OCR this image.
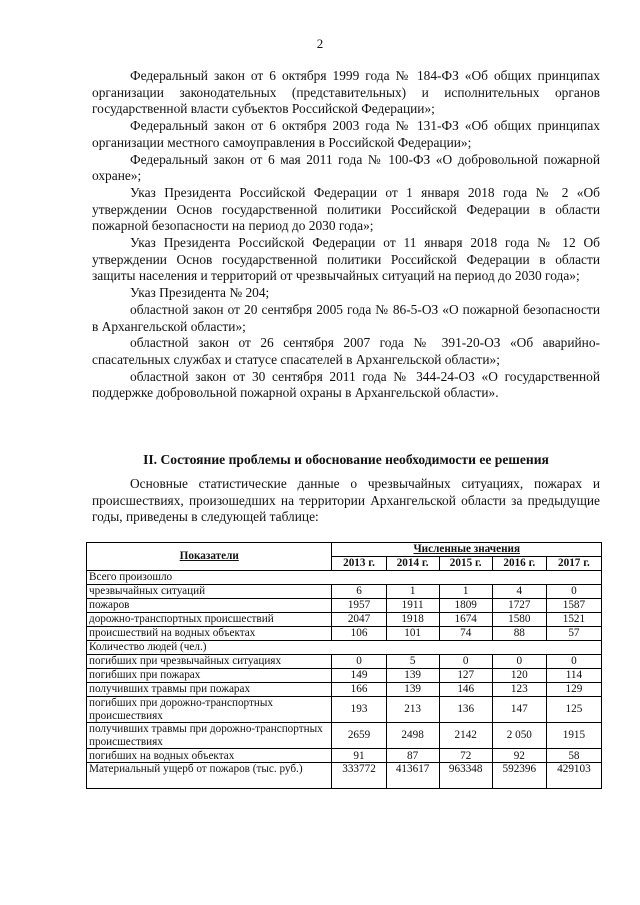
2

Федеральный закон от 6 октября 1999 года № 184-ФЗ «Об общих принципах организации законодательных (представительных) и исполнительных органов государственной власти субъектов Российской Федерации»;

Федеральный закон от 6 октября 2003 года № 131-ФЗ «Об общих принципах организации местного самоуправления в Российской Федерации»;

Федеральный закон от 6 мая 2011 года № 100-ФЗ «О добровольной пожарной охране»;

Указ Президента Российской Федерации от 1 января 2018 года № 2 «Об утверждении Основ государственной политики Российской Федерации в области пожарной безопасности на период до 2030 года»;

Указ Президента Российской Федерации от 11 января 2018 года № 12 Об утверждении Основ государственной политики Российской Федерации в области защиты населения и территорий от чрезвычайных ситуаций на период до 2030 года»;

Указ Президента № 204;

областной закон от 20 сентября 2005 года № 86-5-ОЗ «О пожарной безопасности в Архангельской области»;

областной закон от 26 сентября 2007 года № 391-20-ОЗ «Об аварийно-спасательных службах и статусе спасателей в Архангельской области»;

областной закон от 30 сентября 2011 года № 344-24-ОЗ «О государственной поддержке добровольной пожарной охраны в Архангельской области».

II. Состояние проблемы и обоснование необходимости ее решения

Основные статистические данные о чрезвычайных ситуациях, пожарах и происшествиях, произошедших на территории Архангельской области за предыдущие годы, приведены в следующей таблице:

Показатели	Численные значения				
	2013 г.	2014 г.	2015 г.	2016 г.	2017 г.
Всего произошло					
чрезвычайных ситуаций	6	1	1	4	0
пожаров	1957	1911	1809	1727	1587
дорожно-транспортных происшествий	2047	1918	1674	1580	1521
происшествий на водных объектах	106	101	74	88	57
Количество людей (чел.)					
погибших при чрезвычайных ситуациях	0	5	0	0	0
погибших при пожарах	149	139	127	120	114
получивших травмы при пожарах	166	139	146	123	129
погибших при дорожно-транспортных происшествиях	193	213	136	147	125
получивших травмы при дорожно-транспортных происшествиях	2659	2498	2142	2 050	1915
погибших на водных объектах	91	87	72	92	58
Материальный ущерб от пожаров (тыс. руб.)	333772	413617	963348	592396	429103
